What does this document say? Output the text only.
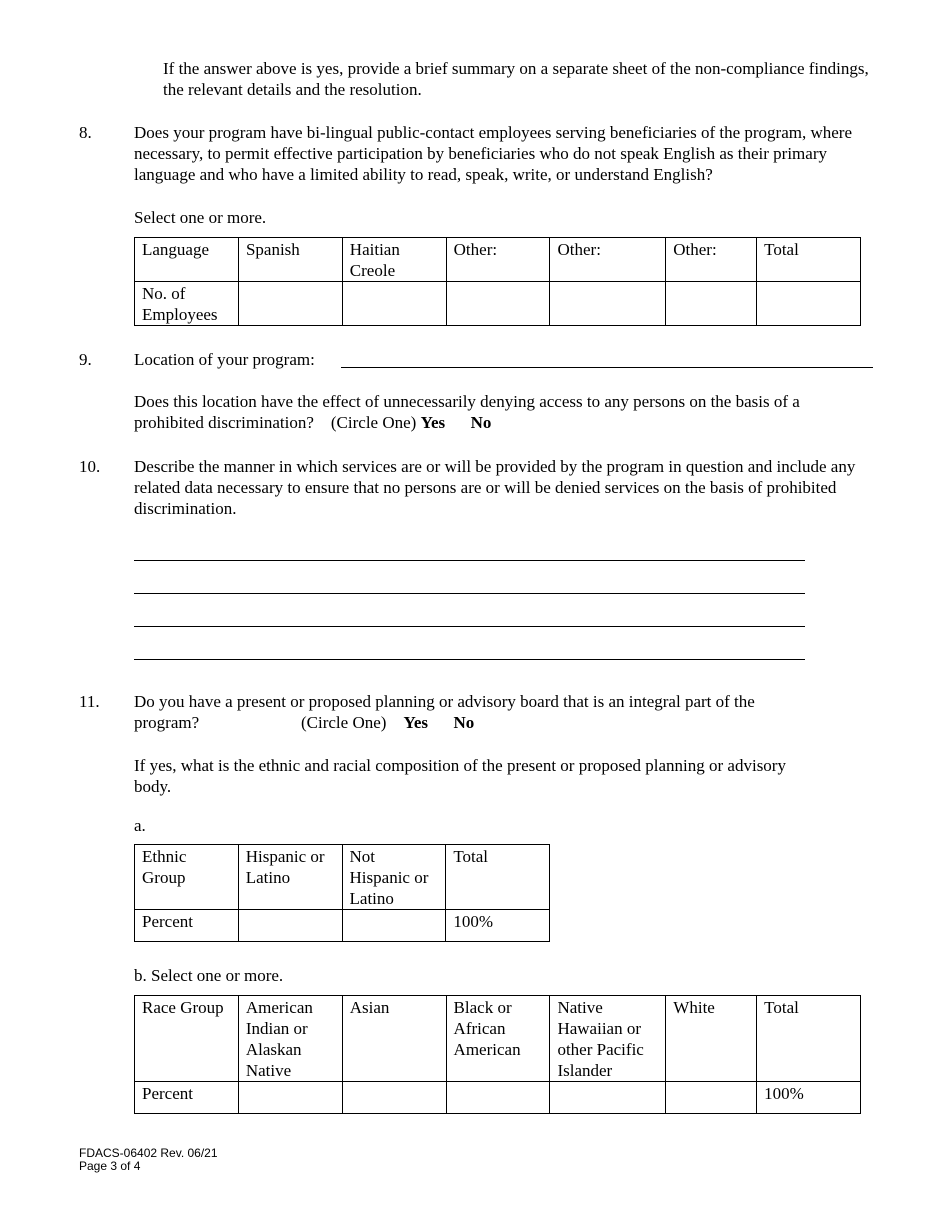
If the answer above is yes, provide a brief summary on a separate sheet of the non-compliance findings, the relevant details and the resolution.
8. Does your program have bi-lingual public-contact employees serving beneficiaries of the program, where necessary, to permit effective participation by beneficiaries who do not speak English as their primary language and who have a limited ability to read, speak, write, or understand English?
Select one or more.
Language	Spanish	Haitian Creole	Other:	Other:	Other:	Total
No. of Employees						
9. Location of your program:
Does this location have the effect of unnecessarily denying access to any persons on the basis of a prohibited discrimination? (Circle One) Yes No
10. Describe the manner in which services are or will be provided by the program in question and include any related data necessary to ensure that no persons are or will be denied services on the basis of prohibited discrimination.
11. Do you have a present or proposed planning or advisory board that is an integral part of the
program?	(Circle One) Yes No
If yes, what is the ethnic and racial composition of the present or proposed planning or advisory body.
a.
Ethnic Group	Hispanic or Latino	Not Hispanic or Latino	Total
Percent			100%
b. Select one or more.
Race Group	American Indian or Alaskan Native	Asian	Black or African American	Native Hawaiian or other Pacific Islander	White	Total
Percent						100%
FDACS-06402 Rev. 06/21
Page 3 of 4
